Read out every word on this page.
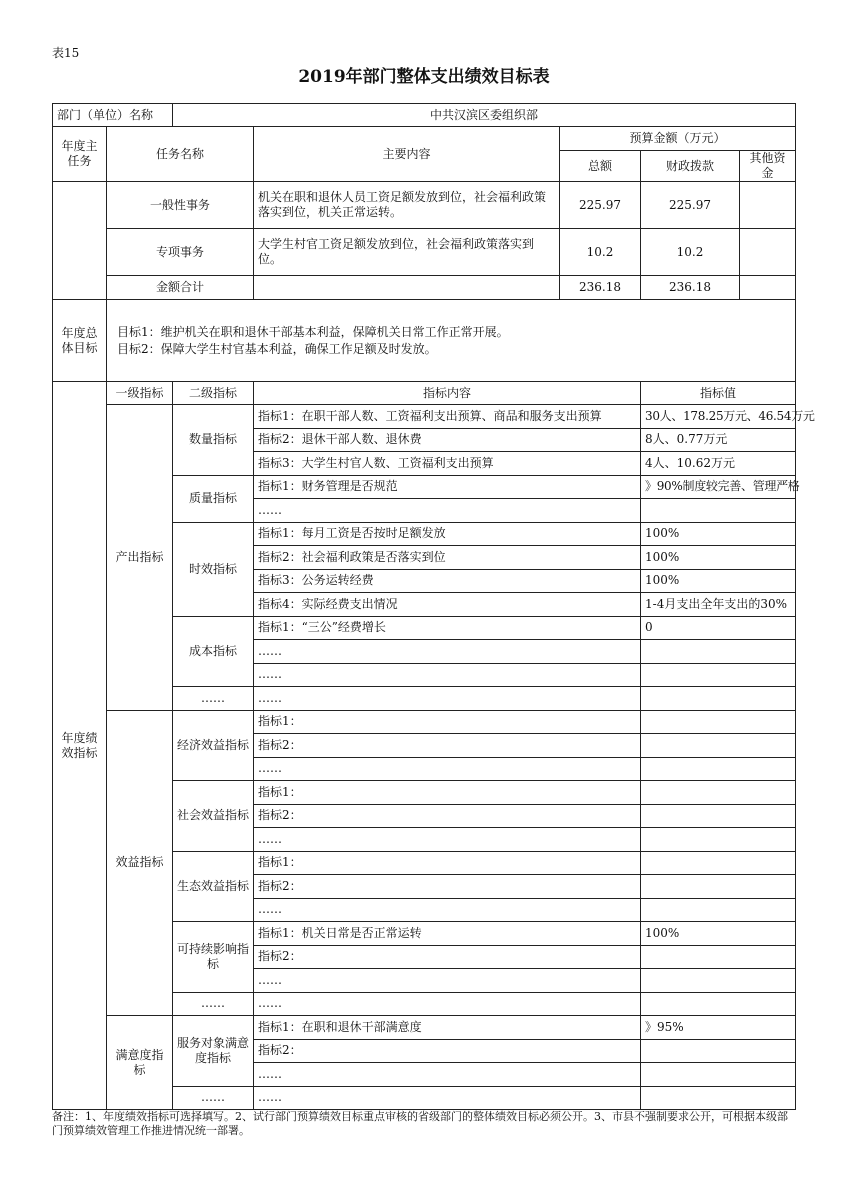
表15
2019年部门整体支出绩效目标表
部门（单位）名称		中共汉滨区委组织部				
年度主任务	任务名称		主要内容	预算金额（万元）		
				总额	财政拨款	其他资金
	一般性事务		机关在职和退休人员工资足额发放到位，社会福利政策落实到位，机关正常运转。	225.97	225.97	
	专项事务		大学生村官工资足额发放到位，社会福利政策落实到位。	10.2	10.2	
	金额合计			236.18	236.18	
年度总体目标	目标1：维护机关在职和退休干部基本利益，保障机关日常工作正常开展。
目标2：保障大学生村官基本利益，确保工作足额及时发放。					

年度绩效指标	一级指标	二级指标	指标内容		指标值	
	产出指标	数量指标	指标1：在职干部人数、工资福利支出预算、商品和服务支出预算		30人、178.25万元、46.54万元	
			指标2：退休干部人数、退休费		8人、0.77万元	
			指标3：大学生村官人数、工资福利支出预算		4人、10.62万元	
		质量指标	指标1：财务管理是否规范		》90%制度较完善、管理严格	
			……			
		时效指标	指标1：每月工资是否按时足额发放		100%	
			指标2：社会福利政策是否落实到位		100%	
			指标3：公务运转经费		100%	
			指标4：实际经费支出情况		1-4月支出全年支出的30%	
		成本指标	指标1：“三公”经费增长		0	
			……			
			……			
		……	……			
	效益指标	经济效益指标	指标1：			
			指标2：			
			……			
		社会效益指标	指标1：			
			指标2：			
			……			
		生态效益指标	指标1：			
			指标2：			
			……			
		可持续影响指标	指标1：机关日常是否正常运转		100%	
			指标2：			
			……			
		……	……			
	满意度指标	服务对象满意度指标	指标1：在职和退休干部满意度		》95%	
			指标2：			
			……			
		……	……			
备注：1、年度绩效指标可选择填写。2、试行部门预算绩效目标重点审核的省级部门的整体绩效目标必须公开。3、市县不强制要求公开，可根据本级部门预算绩效管理工作推进情况统一部署。
